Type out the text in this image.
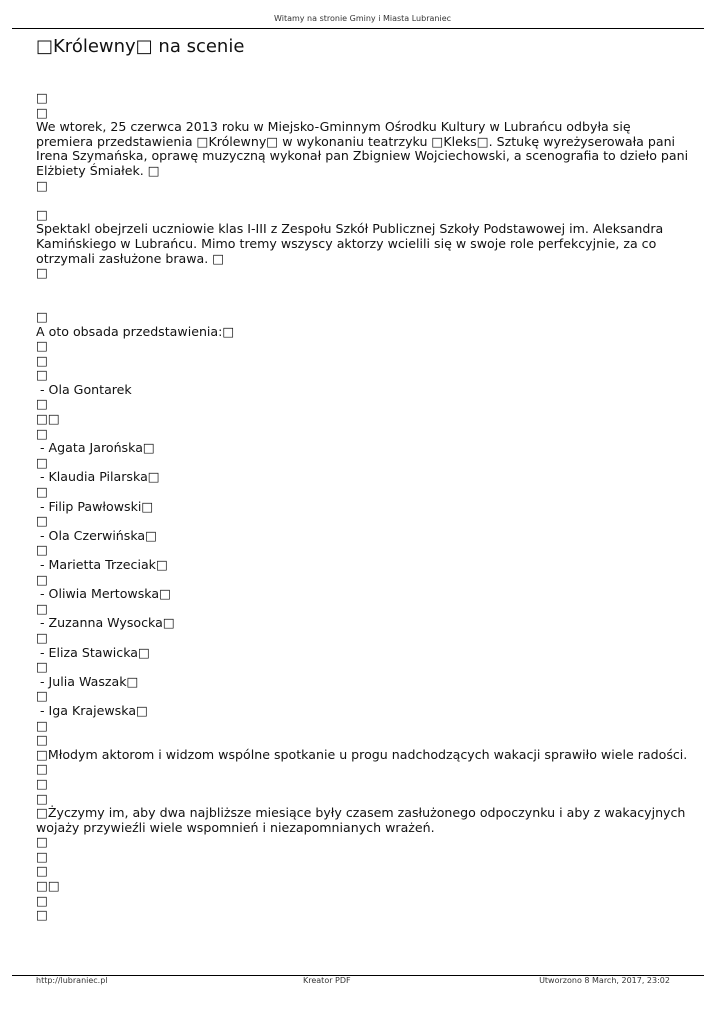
Witamy na stronie Gminy i Miasta Lubraniec
□Królewny□ na scenie
□
□
We wtorek, 25 czerwca 2013 roku w Miejsko-Gminnym Ośrodku Kultury w Lubrańcu odbyła się premiera przedstawienia □Królewny□ w wykonaniu teatrzyku □Kleks□. Sztukę wyreżyserowała pani Irena Szymańska, oprawę muzyczną wykonał pan Zbigniew Wojciechowski, a scenografia to dzieło pani Elżbiety Śmiałek. □
□
□
Spektakl obejrzeli uczniowie klas I-III z Zespołu Szkół Publicznej Szkoły Podstawowej im. Aleksandra Kamińskiego w Lubrańcu. Mimo tremy wszyscy aktorzy wcielili się w swoje role perfekcyjnie, za co otrzymali zasłużone brawa. □
□
□
A oto obsada przedstawienia:□
□
□
□
- Ola Gontarek
□
□□
□
- Agata Jarońska□
□
- Klaudia Pilarska□
□
- Filip Pawłowski□
□
- Ola Czerwińska□
□
- Marietta Trzeciak□
□
- Oliwia Mertowska□
□
- Zuzanna Wysocka□
□
- Eliza Stawicka□
□
- Julia Waszak□
□
- Iga Krajewska□
□
□
□Młodym aktorom i widzom wspólne spotkanie u progu nadchodzących wakacji sprawiło wiele radości.
□
□
□
□Życzymy im, aby dwa najbliższe miesiące były czasem zasłużonego odpoczynku i aby z wakacyjnych wojaży przywieźli wiele wspomnień i niezapomnianych wrażeń.
□
□
□
□□
□
□
http://lubraniec.pl	Kreator PDF	Utworzono 8 March, 2017, 23:02
